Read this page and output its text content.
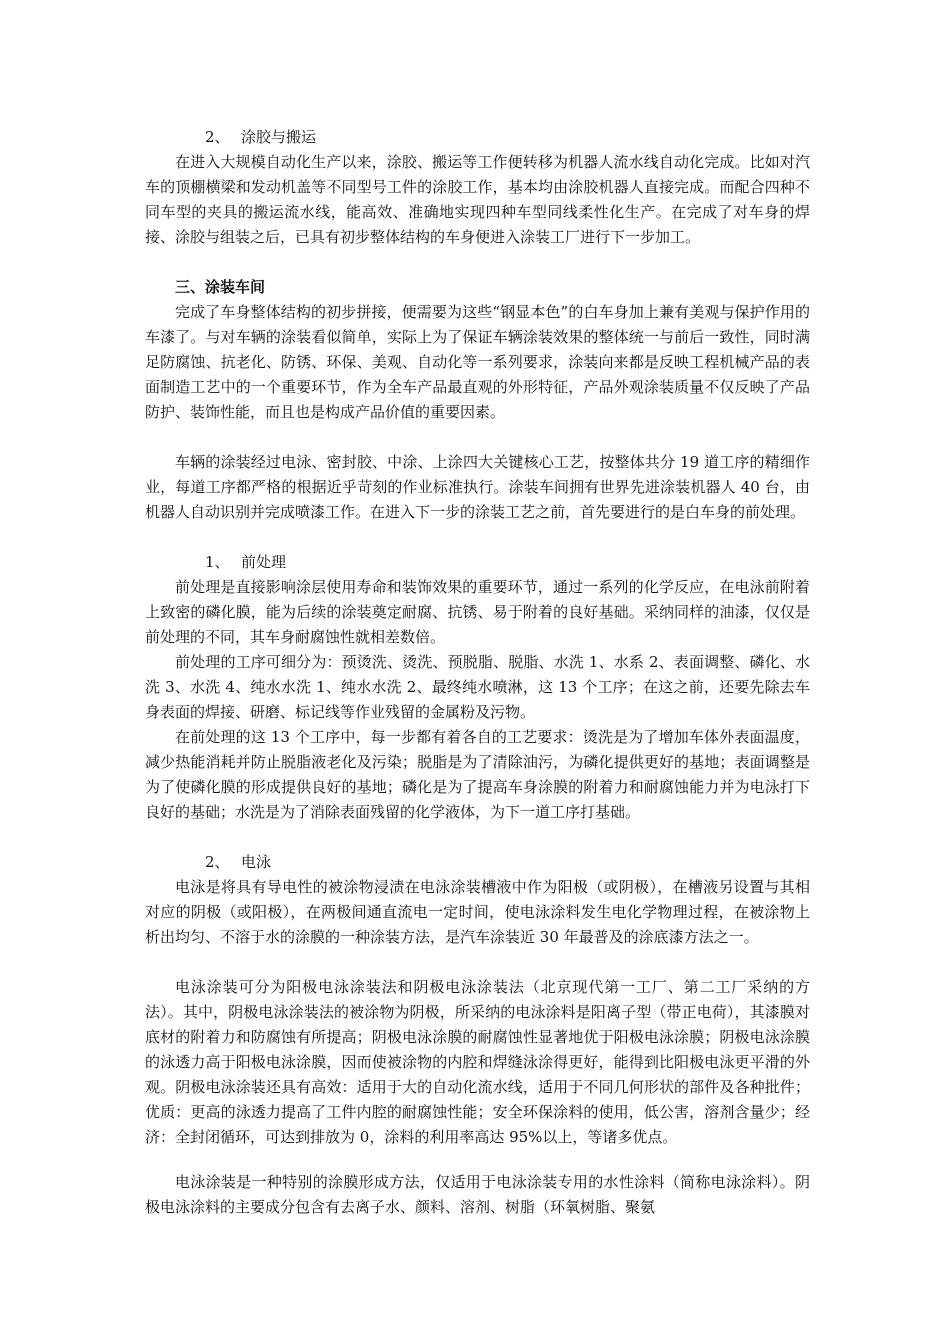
2、 涂胶与搬运

在进入大规模自动化生产以来，涂胶、搬运等工作便转移为机器人流水线自动化完成。比如对汽车的顶棚横梁和发动机盖等不同型号工件的涂胶工作，基本均由涂胶机器人直接完成。而配合四种不同车型的夹具的搬运流水线，能高效、准确地实现四种车型同线柔性化生产。在完成了对车身的焊接、涂胶与组装之后，已具有初步整体结构的车身便进入涂装工厂进行下一步加工。

三、涂装车间

完成了车身整体结构的初步拼接，便需要为这些“钢显本色”的白车身加上兼有美观与保护作用的车漆了。与对车辆的涂装看似简单，实际上为了保证车辆涂装效果的整体统一与前后一致性，同时满足防腐蚀、抗老化、防锈、环保、美观、自动化等一系列要求，涂装向来都是反映工程机械产品的表面制造工艺中的一个重要环节，作为全车产品最直观的外形特征，产品外观涂装质量不仅反映了产品防护、装饰性能，而且也是构成产品价值的重要因素。

车辆的涂装经过电泳、密封胶、中涂、上涂四大关键核心工艺，按整体共分 19 道工序的精细作业，每道工序都严格的根据近乎苛刻的作业标准执行。涂装车间拥有世界先进涂装机器人 40 台，由机器人自动识别并完成喷漆工作。在进入下一步的涂装工艺之前，首先要进行的是白车身的前处理。

1、 前处理

前处理是直接影响涂层使用寿命和装饰效果的重要环节，通过一系列的化学反应，在电泳前附着上致密的磷化膜，能为后续的涂装奠定耐腐、抗锈、易于附着的良好基础。采纳同样的油漆，仅仅是前处理的不同，其车身耐腐蚀性就相差数倍。

前处理的工序可细分为：预烫洗、烫洗、预脱脂、脱脂、水洗 1、水系 2、表面调整、磷化、水洗 3、水洗 4、纯水水洗 1、纯水水洗 2、最终纯水喷淋，这 13 个工序；在这之前，还要先除去车身表面的焊接、研磨、标记线等作业残留的金属粉及污物。

在前处理的这 13 个工序中，每一步都有着各自的工艺要求：烫洗是为了增加车体外表面温度，减少热能消耗并防止脱脂液老化及污染；脱脂是为了清除油污，为磷化提供更好的基地；表面调整是为了使磷化膜的形成提供良好的基地；磷化是为了提高车身涂膜的附着力和耐腐蚀能力并为电泳打下良好的基础；水洗是为了消除表面残留的化学液体，为下一道工序打基础。

2、 电泳

电泳是将具有导电性的被涂物浸渍在电泳涂装槽液中作为阳极（或阴极），在槽液另设置与其相对应的阴极（或阳极），在两极间通直流电一定时间，使电泳涂料发生电化学物理过程，在被涂物上析出均匀、不溶于水的涂膜的一种涂装方法，是汽车涂装近 30 年最普及的涂底漆方法之一。

电泳涂装可分为阳极电泳涂装法和阴极电泳涂装法（北京现代第一工厂、第二工厂采纳的方法）。其中，阴极电泳涂装法的被涂物为阴极，所采纳的电泳涂料是阳离子型（带正电荷），其漆膜对底材的附着力和防腐蚀有所提高；阴极电泳涂膜的耐腐蚀性显著地优于阳极电泳涂膜；阴极电泳涂膜的泳透力高于阳极电泳涂膜，因而使被涂物的内腔和焊缝泳涂得更好，能得到比阳极电泳更平滑的外观。阴极电泳涂装还具有高效：适用于大的自动化流水线，适用于不同几何形状的部件及各种批件；优质：更高的泳透力提高了工件内腔的耐腐蚀性能；安全环保涂料的使用，低公害，溶剂含量少；经济：全封闭循环，可达到排放为 0，涂料的利用率高达 95%以上，等诸多优点。

电泳涂装是一种特别的涂膜形成方法，仅适用于电泳涂装专用的水性涂料（简称电泳涂料）。阴极电泳涂料的主要成分包含有去离子水、颜料、溶剂、树脂（环氧树脂、聚氨
